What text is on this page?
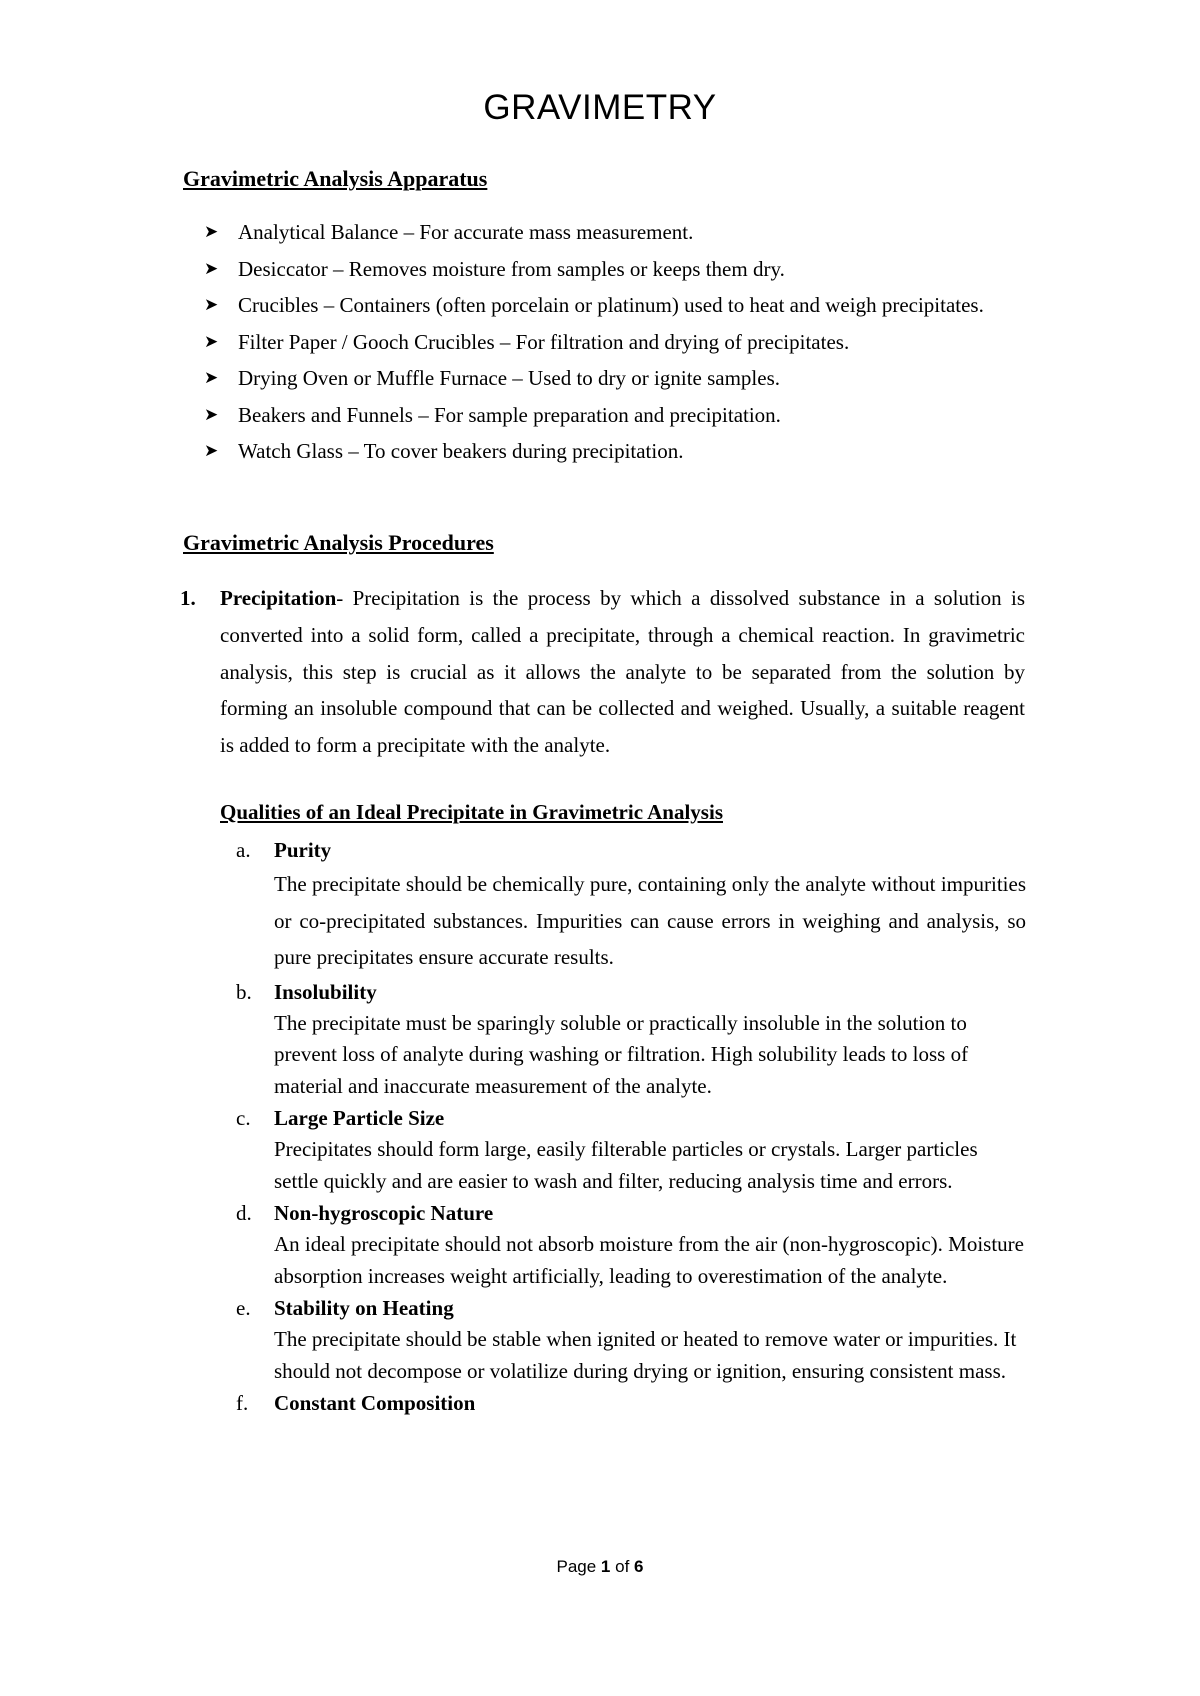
GRAVIMETRY
Gravimetric Analysis Apparatus
➤ Analytical Balance – For accurate mass measurement.
➤ Desiccator – Removes moisture from samples or keeps them dry.
➤ Crucibles – Containers (often porcelain or platinum) used to heat and weigh precipitates.
➤ Filter Paper / Gooch Crucibles – For filtration and drying of precipitates.
➤ Drying Oven or Muffle Furnace – Used to dry or ignite samples.
➤ Beakers and Funnels – For sample preparation and precipitation.
➤ Watch Glass – To cover beakers during precipitation.
Gravimetric Analysis Procedures
1. Precipitation- Precipitation is the process by which a dissolved substance in a solution is converted into a solid form, called a precipitate, through a chemical reaction. In gravimetric analysis, this step is crucial as it allows the analyte to be separated from the solution by forming an insoluble compound that can be collected and weighed. Usually, a suitable reagent is added to form a precipitate with the analyte.
Qualities of an Ideal Precipitate in Gravimetric Analysis
a. Purity
The precipitate should be chemically pure, containing only the analyte without impurities or co-precipitated substances. Impurities can cause errors in weighing and analysis, so pure precipitates ensure accurate results.
b. Insolubility
The precipitate must be sparingly soluble or practically insoluble in the solution to prevent loss of analyte during washing or filtration. High solubility leads to loss of material and inaccurate measurement of the analyte.
c. Large Particle Size
Precipitates should form large, easily filterable particles or crystals. Larger particles settle quickly and are easier to wash and filter, reducing analysis time and errors.
d. Non-hygroscopic Nature
An ideal precipitate should not absorb moisture from the air (non-hygroscopic). Moisture absorption increases weight artificially, leading to overestimation of the analyte.
e. Stability on Heating
The precipitate should be stable when ignited or heated to remove water or impurities. It should not decompose or volatilize during drying or ignition, ensuring consistent mass.
f. Constant Composition
Page 1 of 6
